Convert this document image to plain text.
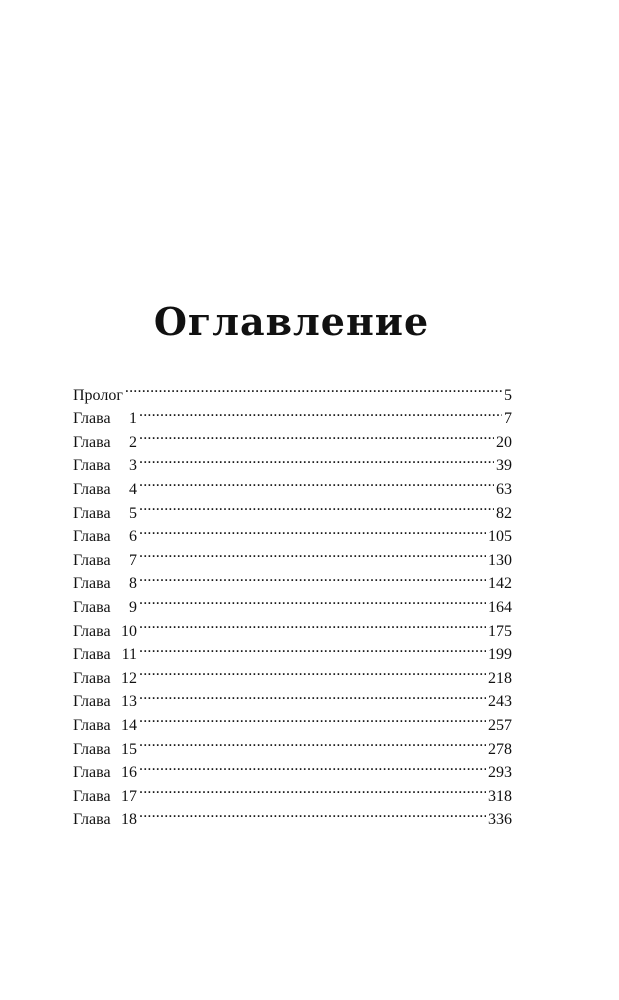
Оглавление
Пролог . . .	5
Глава	1 . . .	7
Глава	2 . . .	20
Глава	3 . . .	39
Глава	4 . . .	63
Глава	5 . . .	82
Глава	6 . . .	105
Глава	7 . . .	130
Глава	8 . . .	142
Глава	9 . . .	164
Глава 10 . . .	175
Глава 11 . . .	199
Глава 12 . . .	218
Глава 13 . . .	243
Глава 14 . . .	257
Глава 15 . . .	278
Глава 16 . . .	293
Глава 17 . . .	318
Глава 18 . . .	336
